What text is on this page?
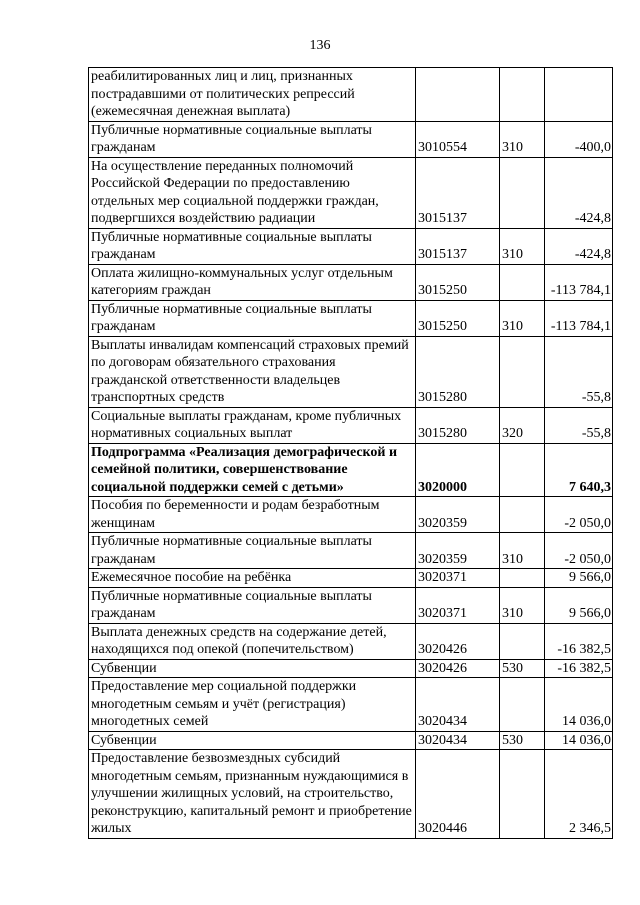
136
реабилитированных лиц и лиц, признанных пострадавшими от политических репрессий (ежемесячная денежная выплата)			
Публичные нормативные социальные выплаты гражданам	3010554	310	-400,0
На осуществление переданных полномочий Российской Федерации по предоставлению отдельных мер социальной поддержки граждан, подвергшихся воздействию радиации	3015137		-424,8
Публичные нормативные социальные выплаты гражданам	3015137	310	-424,8
Оплата жилищно-коммунальных услуг отдельным категориям граждан	3015250		-113 784,1
Публичные нормативные социальные выплаты гражданам	3015250	310	-113 784,1
Выплаты инвалидам компенсаций страховых премий по договорам обязательного страхования гражданской ответственности владельцев транспортных средств	3015280		-55,8
Социальные выплаты гражданам, кроме публичных нормативных социальных выплат	3015280	320	-55,8
Подпрограмма «Реализация демографической и семейной политики, совершенствование социальной поддержки семей с детьми»	3020000		7 640,3
Пособия по беременности и родам безработным женщинам	3020359		-2 050,0
Публичные нормативные социальные выплаты гражданам	3020359	310	-2 050,0
Ежемесячное пособие на ребёнка	3020371		9 566,0
Публичные нормативные социальные выплаты гражданам	3020371	310	9 566,0
Выплата денежных средств на содержание детей, находящихся под опекой (попечительством)	3020426		-16 382,5
Субвенции	3020426	530	-16 382,5
Предоставление мер социальной поддержки многодетным семьям и учёт (регистрация) многодетных семей	3020434		14 036,0
Субвенции	3020434	530	14 036,0
Предоставление безвозмездных субсидий многодетным семьям, признанным нуждающимися в улучшении жилищных условий, на строительство, реконструкцию, капитальный ремонт и приобретение жилых	3020446		2 346,5
